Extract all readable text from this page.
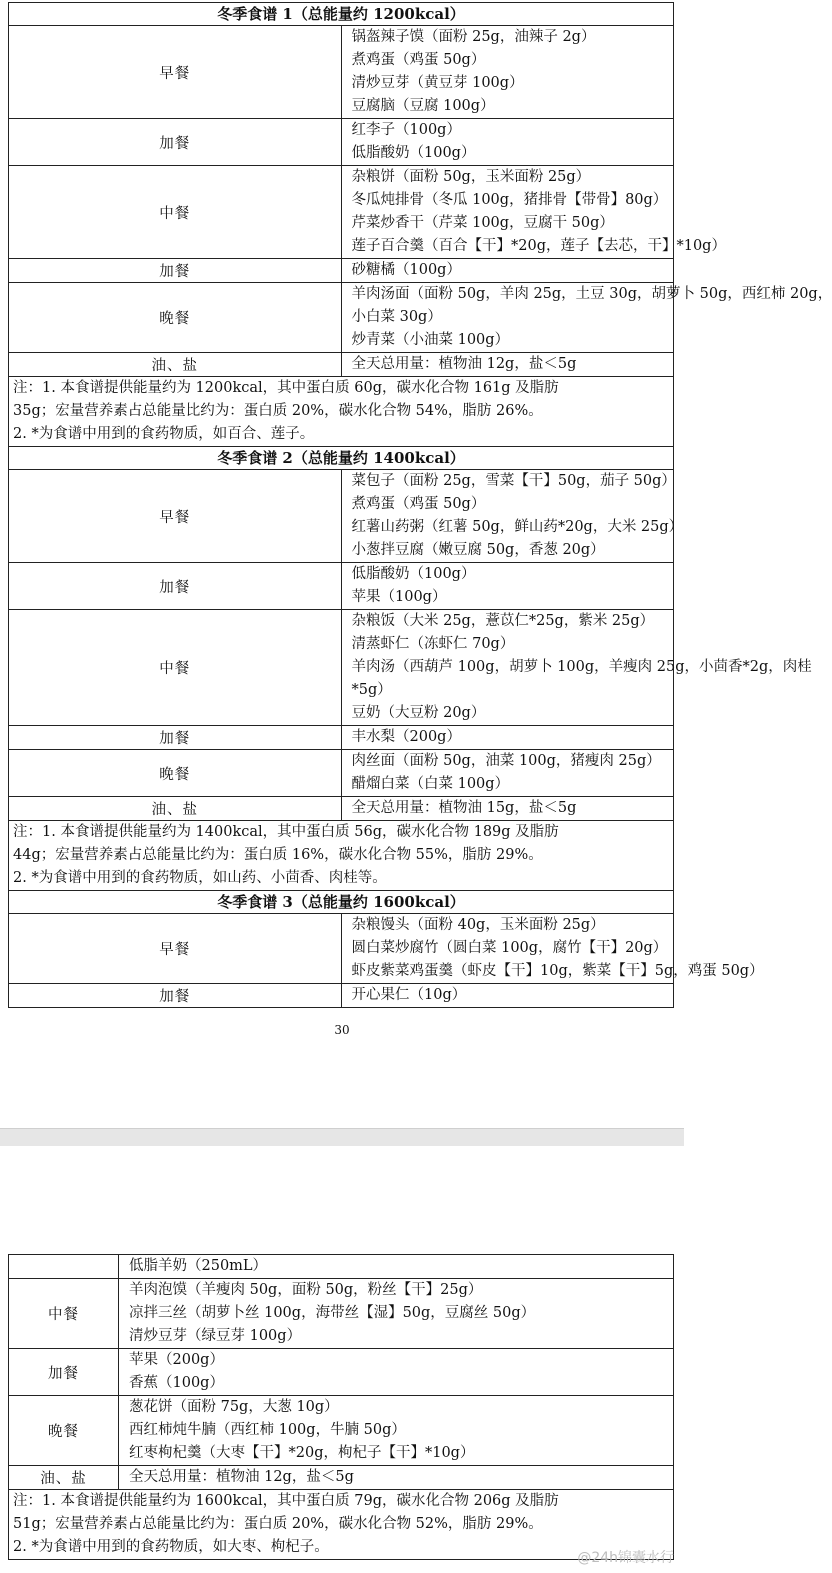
冬季食谱 1（总能量约 1200kcal）	
早餐	锅盔辣子馍（面粉 25g，油辣子 2g）
煮鸡蛋（鸡蛋 50g）
清炒豆芽（黄豆芽 100g）
豆腐脑（豆腐 100g）

加餐	红李子（100g）
低脂酸奶（100g）

中餐	杂粮饼（面粉 50g，玉米面粉 25g）
冬瓜炖排骨（冬瓜 100g，猪排骨【带骨】80g）
芹菜炒香干（芹菜 100g，豆腐干 50g）
莲子百合羹（百合【干】*20g，莲子【去芯，干】*10g）

加餐	砂糖橘（100g）

晚餐	羊肉汤面（面粉 50g，羊肉 25g，土豆 30g，胡萝卜 50g，西红柿 20g，
小白菜 30g）
炒青菜（小油菜 100g）

油、盐	全天总用量：植物油 12g，盐＜5g

注：1. 本食谱提供能量约为 1200kcal，其中蛋白质 60g，碳水化合物 161g 及脂肪
35g；宏量营养素占总能量比约为：蛋白质 20%，碳水化合物 54%，脂肪 26%。
2. *为食谱中用到的食药物质，如百合、莲子。	

冬季食谱 2（总能量约 1400kcal）	
早餐	菜包子（面粉 25g，雪菜【干】50g，茄子 50g）
煮鸡蛋（鸡蛋 50g）
红薯山药粥（红薯 50g，鲜山药*20g，大米 25g）
小葱拌豆腐（嫩豆腐 50g，香葱 20g）

加餐	低脂酸奶（100g）
苹果（100g）

中餐	杂粮饭（大米 25g，薏苡仁*25g，紫米 25g）
清蒸虾仁（冻虾仁 70g）
羊肉汤（西葫芦 100g，胡萝卜 100g，羊瘦肉 25g，小茴香*2g，肉桂
*5g）
豆奶（大豆粉 20g）

加餐	丰水梨（200g）

晚餐	肉丝面（面粉 50g，油菜 100g，猪瘦肉 25g）
醋熘白菜（白菜 100g）

油、盐	全天总用量：植物油 15g，盐＜5g

注：1. 本食谱提供能量约为 1400kcal，其中蛋白质 56g，碳水化合物 189g 及脂肪
44g；宏量营养素占总能量比约为：蛋白质 16%，碳水化合物 55%，脂肪 29%。
2. *为食谱中用到的食药物质，如山药、小茴香、肉桂等。	

冬季食谱 3（总能量约 1600kcal）	
早餐	杂粮馒头（面粉 40g，玉米面粉 25g）
圆白菜炒腐竹（圆白菜 100g，腐竹【干】20g）
虾皮紫菜鸡蛋羹（虾皮【干】10g，紫菜【干】5g，鸡蛋 50g）

加餐	开心果仁（10g）
30

	低脂羊奶（250mL）

中餐	羊肉泡馍（羊瘦肉 50g，面粉 50g，粉丝【干】25g）
凉拌三丝（胡萝卜丝 100g，海带丝【湿】50g，豆腐丝 50g）
清炒豆芽（绿豆芽 100g）

加餐	苹果（200g）
香蕉（100g）

晚餐	葱花饼（面粉 75g，大葱 10g）
西红柿炖牛腩（西红柿 100g，牛腩 50g）
红枣枸杞羹（大枣【干】*20g，枸杞子【干】*10g）

油、盐	全天总用量：植物油 12g，盐＜5g

注：1. 本食谱提供能量约为 1600kcal，其中蛋白质 79g，碳水化合物 206g 及脂肪
51g；宏量营养素占总能量比约为：蛋白质 20%，碳水化合物 52%，脂肪 29%。
2. *为食谱中用到的食药物质，如大枣、枸杞子。	
@24h锦囊水行
